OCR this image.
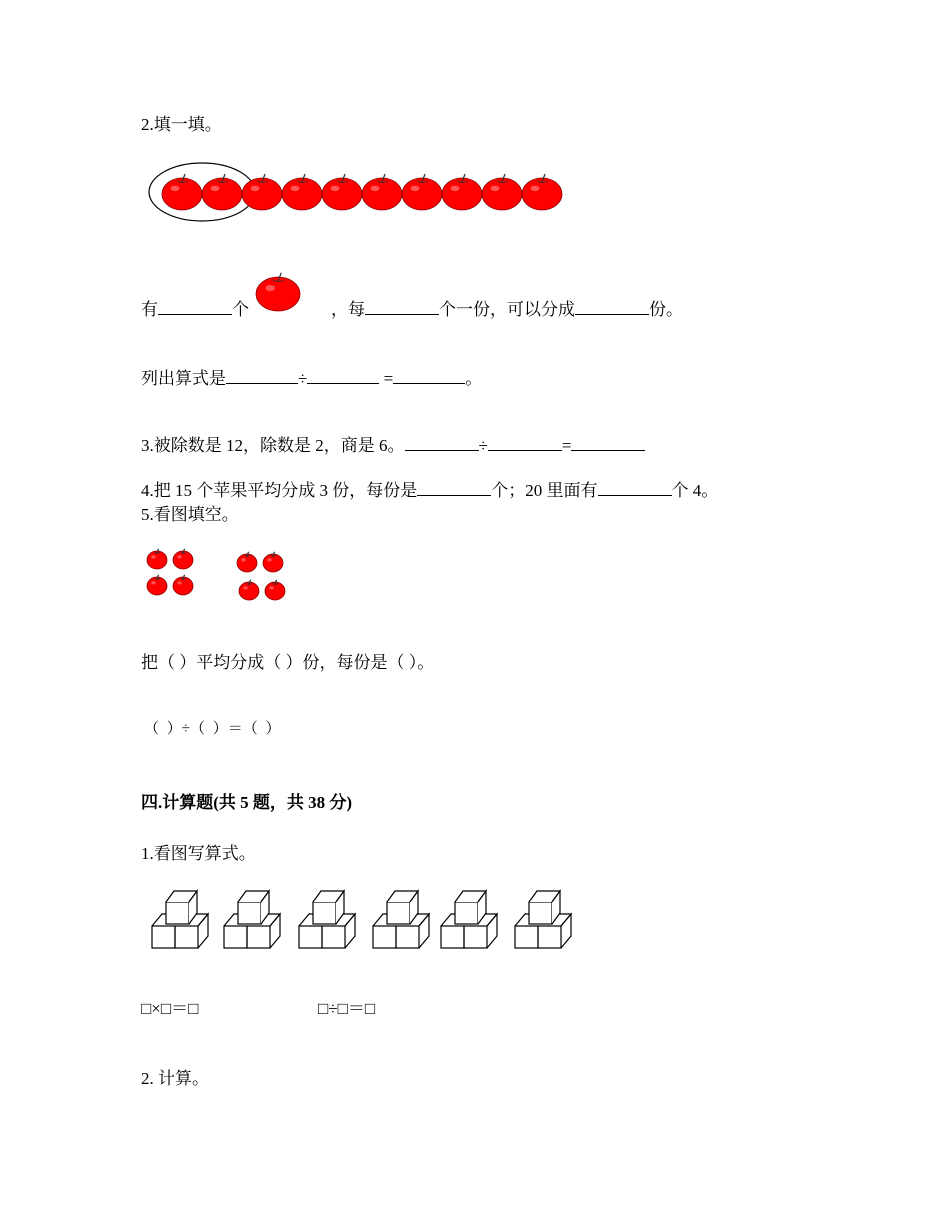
2.填一填。
有	个	，每	个一份，可以分成	份。
列出算式是	÷	=	。
3.被除数是 12，除数是 2，商是 6。	÷	=
4.把 15 个苹果平均分成 3 份，每份是	个；20 里面有	个 4。
5.看图填空。
把（ ）平均分成（ ）份，每份是（ ）。
（ ）÷（ ）＝（ ）
四.计算题(共 5 题，共 38 分)
1.看图写算式。
□×□＝□	□÷□＝□
2. 计算。
